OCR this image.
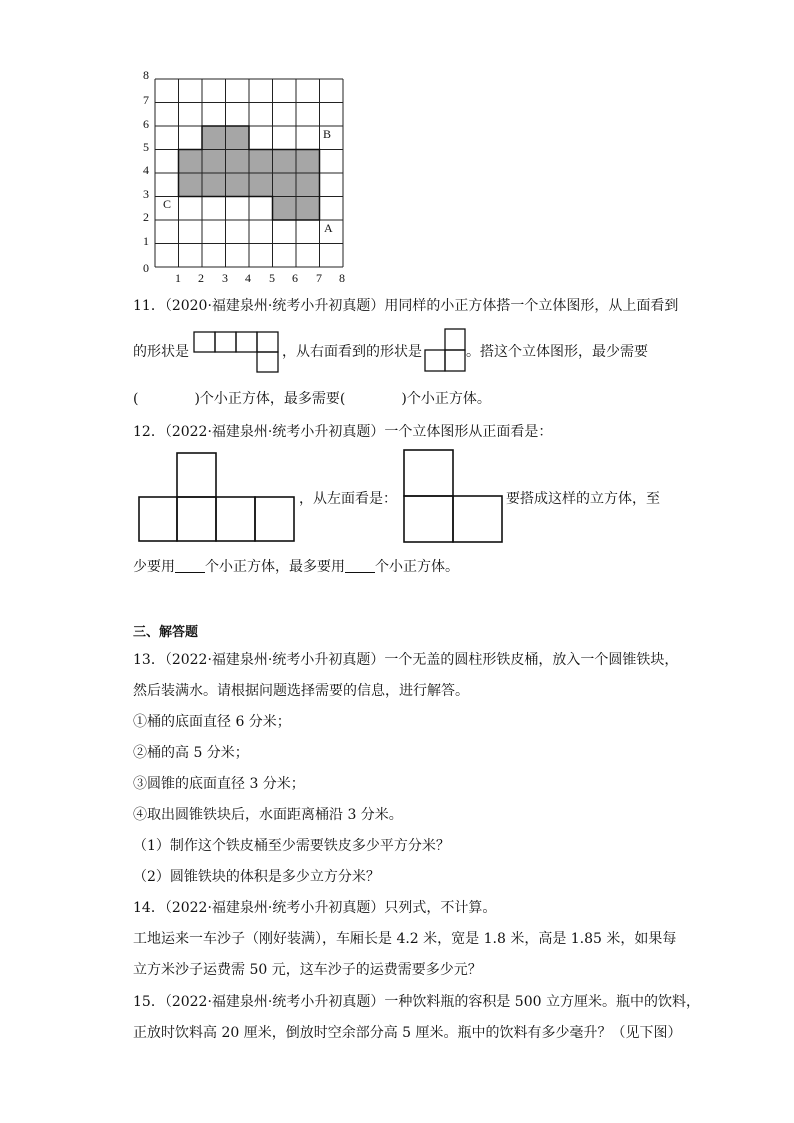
8
7
6
5
4
3
2
1
0
1 2 3 4 5 6 7 8
B
A
C
11．（2020·福建泉州·统考小升初真题）用同样的小正方体搭一个立体图形，从上面看到
的形状是	，从右面看到的形状是	。搭这个立体图形，最少需要
(　　　　)个小正方体，最多需要(　　　　)个小正方体。
12．（2022·福建泉州·统考小升初真题）一个立体图形从正面看是：
，从左面看是：	要搭成这样的立方体，至
少要用 个小正方体，最多要用 个小正方体。
三、解答题
13．（2022·福建泉州·统考小升初真题）一个无盖的圆柱形铁皮桶，放入一个圆锥铁块，
然后装满水。请根据问题选择需要的信息，进行解答。
①桶的底面直径 6 分米；
②桶的高 5 分米；
③圆锥的底面直径 3 分米；
④取出圆锥铁块后，水面距离桶沿 3 分米。
（1）制作这个铁皮桶至少需要铁皮多少平方分米？
（2）圆锥铁块的体积是多少立方分米？
14．（2022·福建泉州·统考小升初真题）只列式，不计算。
工地运来一车沙子（刚好装满），车厢长是 4.2 米，宽是 1.8 米，高是 1.85 米，如果每
立方米沙子运费需 50 元，这车沙子的运费需要多少元？
15．（2022·福建泉州·统考小升初真题）一种饮料瓶的容积是 500 立方厘米。瓶中的饮料，
正放时饮料高 20 厘米，倒放时空余部分高 5 厘米。瓶中的饮料有多少毫升？（见下图）
